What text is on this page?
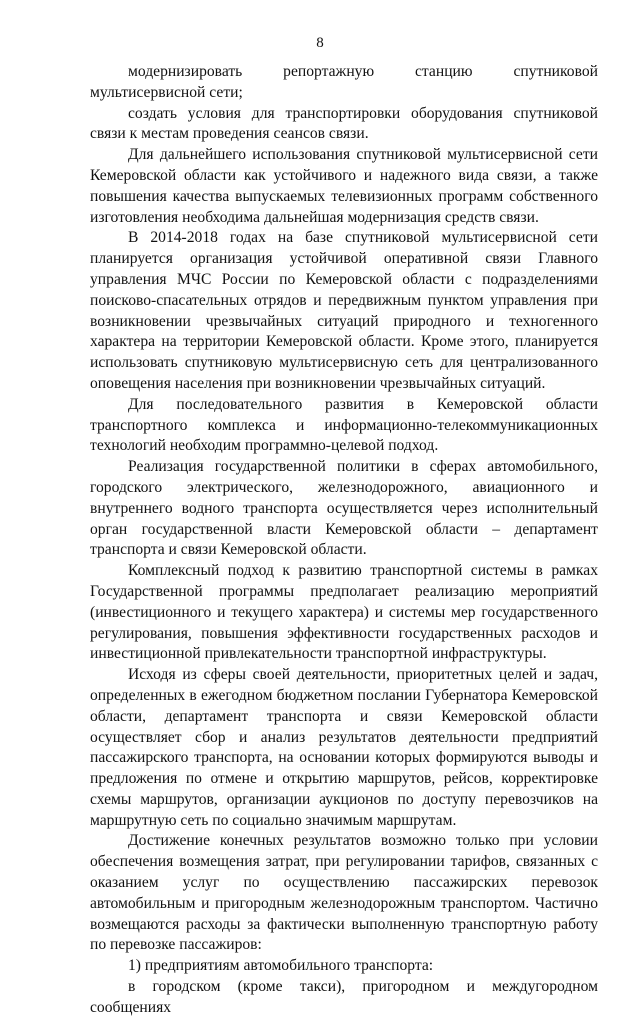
8

модернизировать репортажную станцию спутниковой мультисервисной сети;

создать условия для транспортировки оборудования спутниковой связи к местам проведения сеансов связи.

Для дальнейшего использования спутниковой мультисервисной сети Кемеровской области как устойчивого и надежного вида связи, а также повышения качества выпускаемых телевизионных программ собственного изготовления необходима дальнейшая модернизация средств связи.

В 2014-2018 годах на базе спутниковой мультисервисной сети планируется организация устойчивой оперативной связи Главного управления МЧС России по Кемеровской области с подразделениями поисково-спасательных отрядов и передвижным пунктом управления при возникновении чрезвычайных ситуаций природного и техногенного характера на территории Кемеровской области. Кроме этого, планируется использовать спутниковую мультисервисную сеть для централизованного оповещения населения при возникновении чрезвычайных ситуаций.

Для последовательного развития в Кемеровской области транспортного комплекса и информационно-телекоммуникационных технологий необходим программно-целевой подход.

Реализация государственной политики в сферах автомобильного, городского электрического, железнодорожного, авиационного и внутреннего водного транспорта осуществляется через исполнительный орган государственной власти Кемеровской области – департамент транспорта и связи Кемеровской области.

Комплексный подход к развитию транспортной системы в рамках Государственной программы предполагает реализацию мероприятий (инвестиционного и текущего характера) и системы мер государственного регулирования, повышения эффективности государственных расходов и инвестиционной привлекательности транспортной инфраструктуры.

Исходя из сферы своей деятельности, приоритетных целей и задач, определенных в ежегодном бюджетном послании Губернатора Кемеровской области, департамент транспорта и связи Кемеровской области осуществляет сбор и анализ результатов деятельности предприятий пассажирского транспорта, на основании которых формируются выводы и предложения по отмене и открытию маршрутов, рейсов, корректировке схемы маршрутов, организации аукционов по доступу перевозчиков на маршрутную сеть по социально значимым маршрутам.

Достижение конечных результатов возможно только при условии обеспечения возмещения затрат, при регулировании тарифов, связанных с оказанием услуг по осуществлению пассажирских перевозок автомобильным и пригородным железнодорожным транспортом. Частично возмещаются расходы за фактически выполненную транспортную работу по перевозке пассажиров:

1) предприятиям автомобильного транспорта:

в городском (кроме такси), пригородном и междугородном сообщениях
